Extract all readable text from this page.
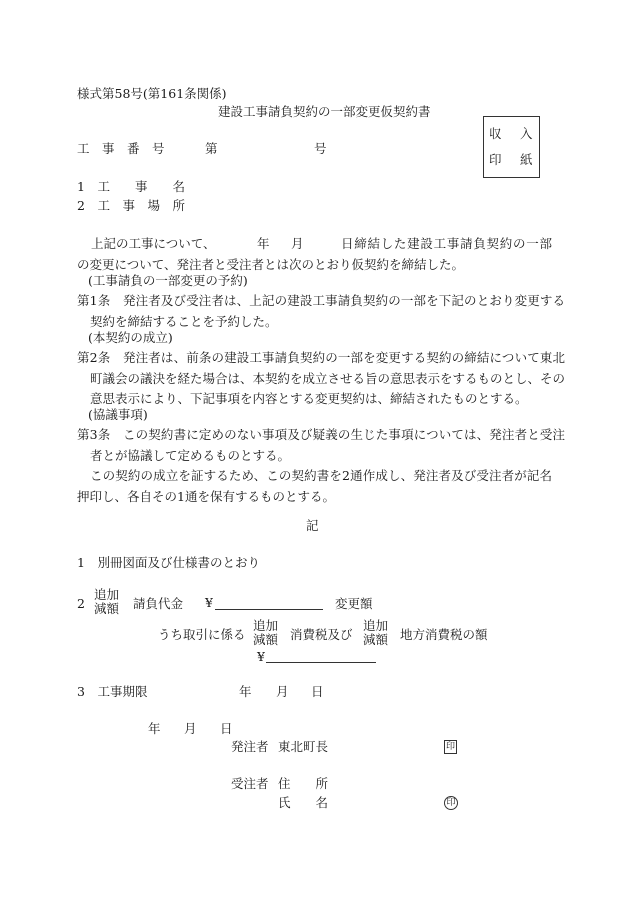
様式第58号(第161条関係)
建設工事請負契約の一部変更仮契約書
収 入
印 紙
工　事　番　号	第	号
1　工　　事　　名
2　工　事　場　所
上記の工事について、	年 月	日締結した建設工事請負契約の一部の変更について、発注者と受注者とは次のとおり仮契約を締結した。
(工事請負の一部変更の予約)
第1条　発注者及び受注者は、上記の建設工事請負契約の一部を下記のとおり変更する契約を締結することを予約した。
(本契約の成立)
第2条　発注者は、前条の建設工事請負契約の一部を変更する契約の締結について東北町議会の議決を経た場合は、本契約を成立させる旨の意思表示をするものとし、その意思表示により、下記事項を内容とする変更契約は、締結されたものとする。
(協議事項)
第3条　この契約書に定めのない事項及び疑義の生じた事項については、発注者と受注者とが協議して定めるものとする。
この契約の成立を証するため、この契約書を2通作成し、発注者及び受注者が記名押印し、各自その1通を保有するものとする。
記
1　別冊図面及び仕様書のとおり
2
追加
減額 請負代金 ¥	変更額
うち取引に係る
追加
減額 消費税及び
追加
減額 地方消費税の額
¥
3　工事期限	年 月 日
年 月 日
発注者 東北町長	印
受注者 住　　所
氏　　名	印
